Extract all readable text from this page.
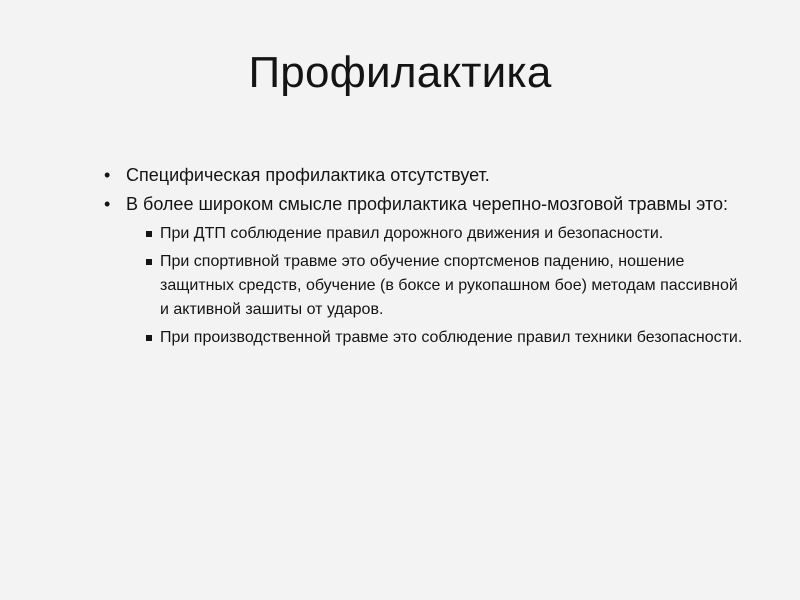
Профилактика
• Специфическая профилактика отсутствует.
• В более широком смысле профилактика черепно-мозговой травмы это:
При ДТП соблюдение правил дорожного движения и безопасности.
При спортивной травме это обучение спортсменов падению, ношение защитных средств, обучение (в боксе и рукопашном бое) методам пассивной и активной зашиты от ударов.
При производственной травме это соблюдение правил техники безопасности.
